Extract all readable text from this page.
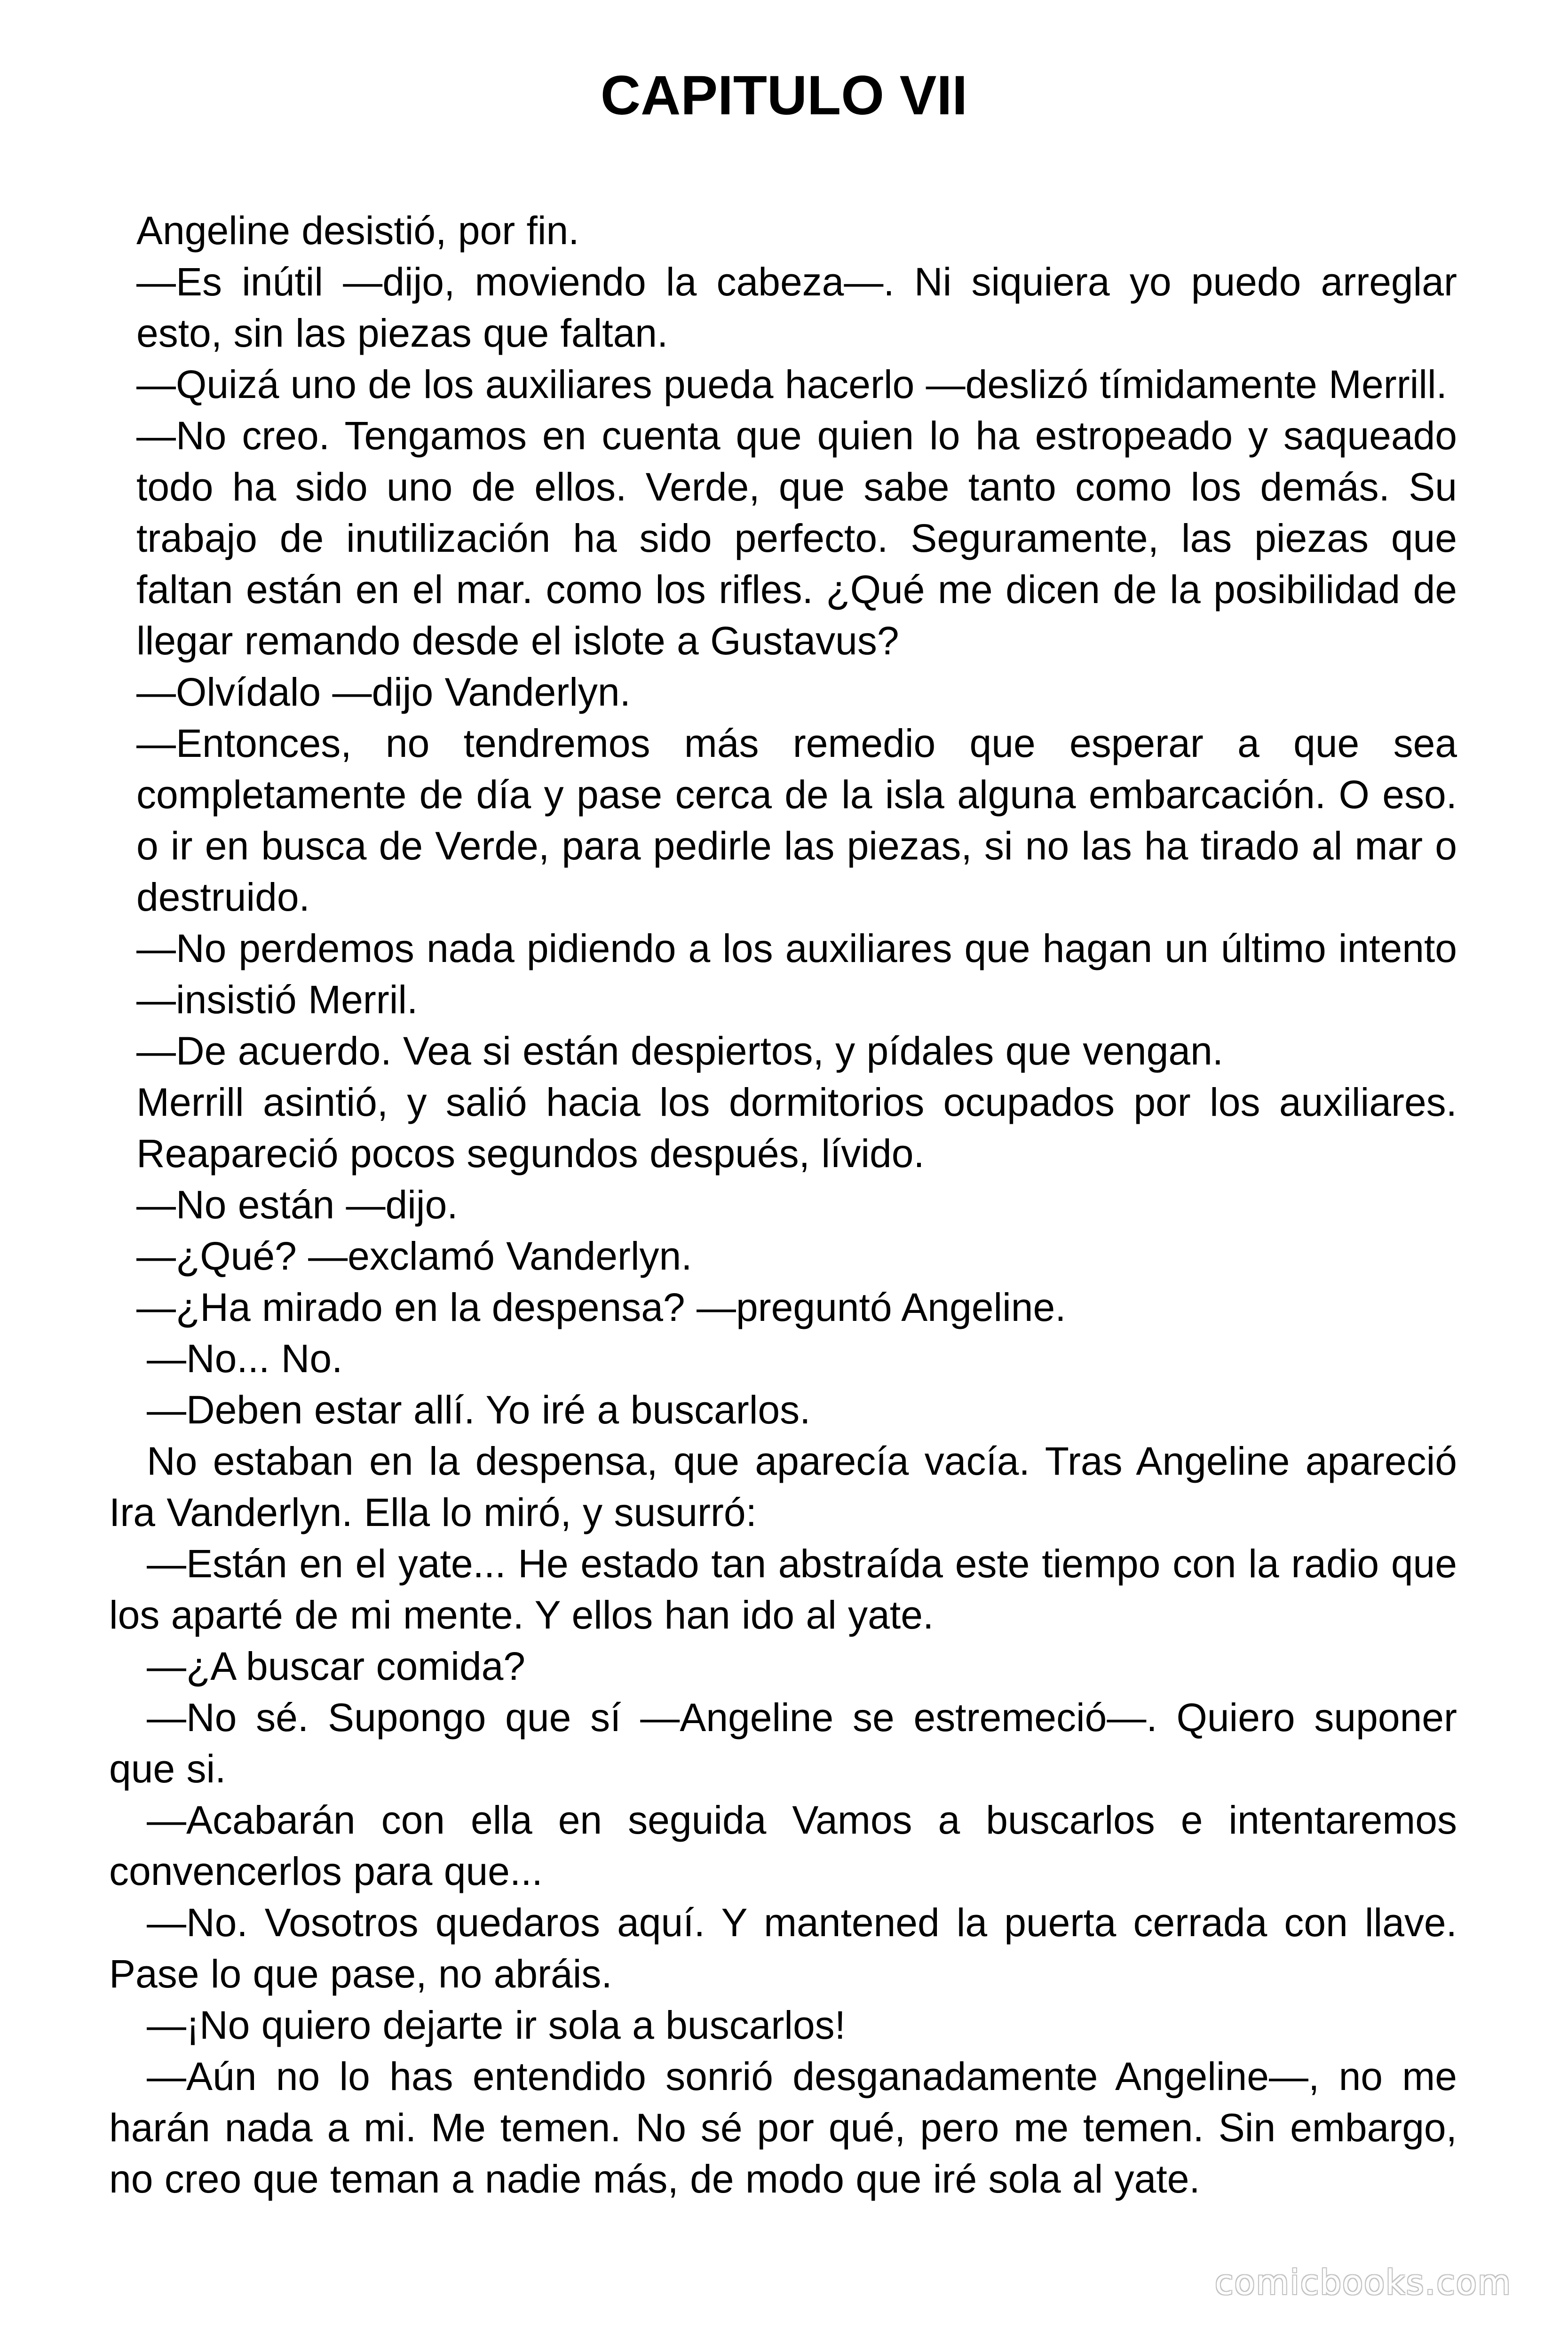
CAPITULO VII

Angeline desistió, por fin.

—Es inútil —dijo, moviendo la cabeza—. Ni siquiera yo puedo arreglar esto, sin las piezas que faltan.

—Quizá uno de los auxiliares pueda hacerlo —deslizó tímidamente Merrill.

—No creo. Tengamos en cuenta que quien lo ha estropeado y saqueado todo ha sido uno de ellos. Verde, que sabe tanto como los demás. Su trabajo de inutilización ha sido perfecto. Seguramente, las piezas que faltan están en el mar. como los rifles. ¿Qué me dicen de la posibilidad de llegar remando desde el islote a Gustavus?

—Olvídalo —dijo Vanderlyn.

—Entonces, no tendremos más remedio que esperar a que sea completamente de día y pase cerca de la isla alguna embarcación. O eso. o ir en busca de Verde, para pedirle las piezas, si no las ha tirado al mar o destruido.

—No perdemos nada pidiendo a los auxiliares que hagan un último intento —insistió Merril.

—De acuerdo. Vea si están despiertos, y pídales que vengan.

Merrill asintió, y salió hacia los dormitorios ocupados por los auxiliares. Reapareció pocos segundos después, lívido.

—No están —dijo.

—¿Qué? —exclamó Vanderlyn.

—¿Ha mirado en la despensa? —preguntó Angeline.

—No... No.

—Deben estar allí. Yo iré a buscarlos.

No estaban en la despensa, que aparecía vacía. Tras Angeline apareció Ira Vanderlyn. Ella lo miró, y susurró:

—Están en el yate... He estado tan abstraída este tiempo con la radio que los aparté de mi mente. Y ellos han ido al yate.

—¿A buscar comida?

—No sé. Supongo que sí —Angeline se estremeció—. Quiero suponer que si.

—Acabarán con ella en seguida Vamos a buscarlos e intentaremos convencerlos para que...

—No. Vosotros quedaros aquí. Y mantened la puerta cerrada con llave. Pase lo que pase, no abráis.

—¡No quiero dejarte ir sola a buscarlos!

—Aún no lo has entendido sonrió desganadamente Angeline—, no me harán nada a mi. Me temen. No sé por qué, pero me temen. Sin embargo, no creo que teman a nadie más, de modo que iré sola al yate.

comicbooks.com
